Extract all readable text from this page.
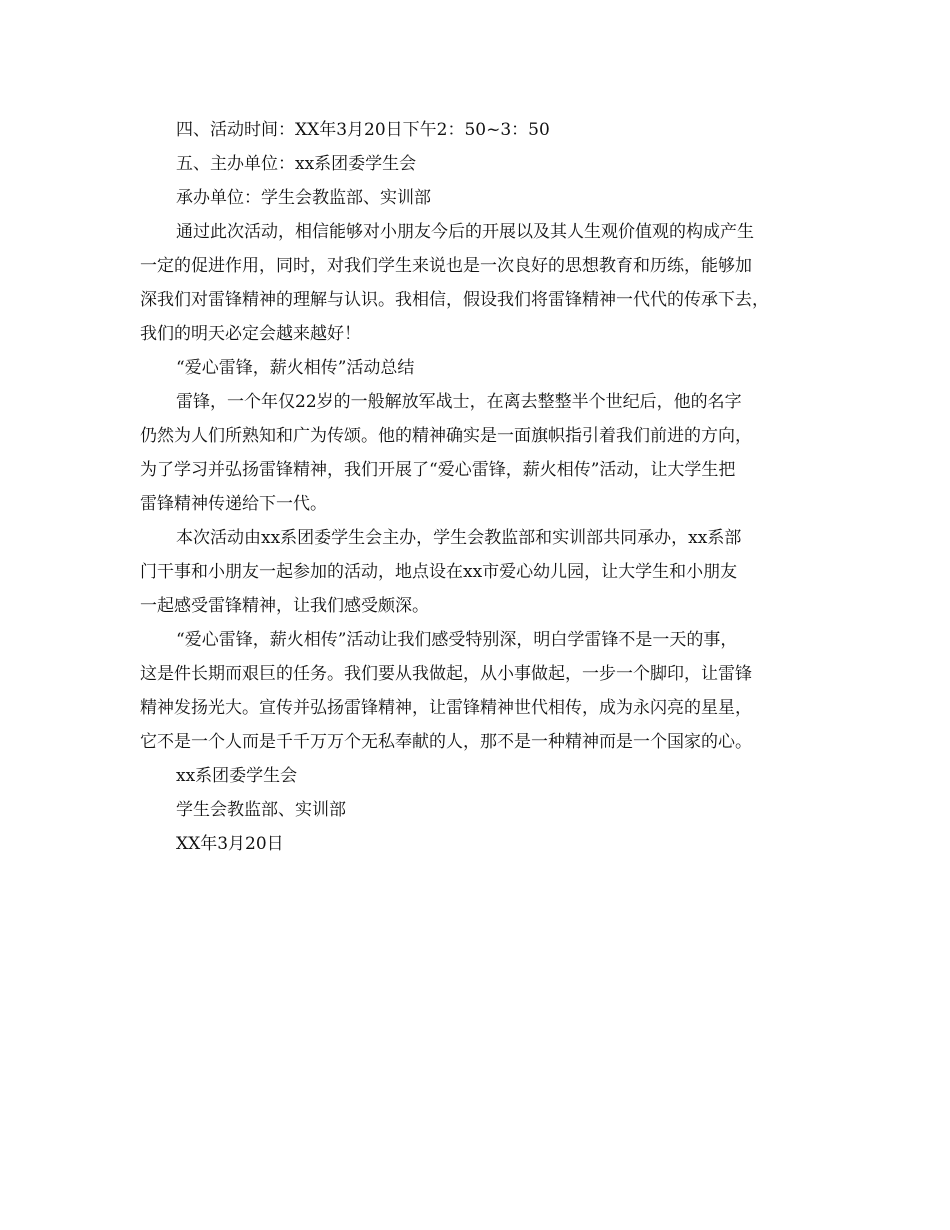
四、活动时间：XX年3月20日下午2：50~3：50
五、主办单位：xx系团委学生会
承办单位：学生会教监部、实训部
通过此次活动，相信能够对小朋友今后的开展以及其人生观价值观的构成产生
一定的促进作用，同时，对我们学生来说也是一次良好的思想教育和历练，能够加
深我们对雷锋精神的理解与认识。我相信，假设我们将雷锋精神一代代的传承下去，
我们的明天必定会越来越好！
“爱心雷锋，薪火相传”活动总结
雷锋，一个年仅22岁的一般解放军战士，在离去整整半个世纪后，他的名字
仍然为人们所熟知和广为传颂。他的精神确实是一面旗帜指引着我们前进的方向，
为了学习并弘扬雷锋精神，我们开展了“爱心雷锋，薪火相传”活动，让大学生把
雷锋精神传递给下一代。
本次活动由xx系团委学生会主办，学生会教监部和实训部共同承办，xx系部
门干事和小朋友一起参加的活动，地点设在xx市爱心幼儿园，让大学生和小朋友
一起感受雷锋精神，让我们感受颇深。
“爱心雷锋，薪火相传”活动让我们感受特别深，明白学雷锋不是一天的事，
这是件长期而艰巨的任务。我们要从我做起，从小事做起，一步一个脚印，让雷锋
精神发扬光大。宣传并弘扬雷锋精神，让雷锋精神世代相传，成为永闪亮的星星，
它不是一个人而是千千万万个无私奉献的人，那不是一种精神而是一个国家的心。
xx系团委学生会
学生会教监部、实训部
XX年3月20日
